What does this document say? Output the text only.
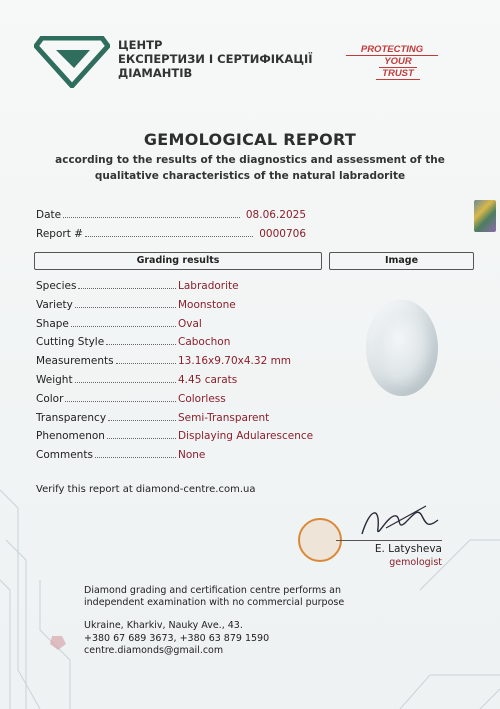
ЦЕНТР
ЕКСПЕРТИЗИ І СЕРТИФІКАЦІЇ
ДІАМАНТІВ
PROTECTING
YOUR
TRUST
GEMOLOGICAL REPORT
according to the results of the diagnostics and assessment of the
qualitative characteristics of the natural labradorite
Date	08.06.2025
Report #	0000706
Grading results	Image
Species	Labradorite
Variety	Moonstone
Shape	Oval
Cutting Style	Cabochon
Measurements	13.16x9.70x4.32 mm
Weight	4.45 carats
Color	Colorless
Transparency	Semi-Transparent
Phenomenon	Displaying Adularescence
Comments	None
Verify this report at diamond-centre.com.ua
E. Latysheva
gemologist
Diamond grading and certification centre performs an
independent examination with no commercial purpose
Ukraine, Kharkiv, Nauky Ave., 43.
+380 67 689 3673, +380 63 879 1590
centre.diamonds@gmail.com
